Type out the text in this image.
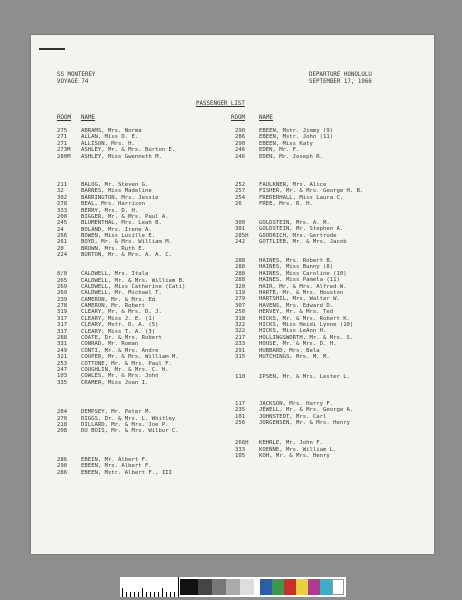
SS MONTEREY
VOYAGE 74
DEPARTURE HONOLULU
SEPTEMBER 17, 1966
PASSENGER LIST
ROOM NAME	ROOM NAME
275 ABRAMS, Mrs. Norma
271 ALLAN, Miss D. E.
271 ALLISON, Mrs. H.
273M ASHLEY, Mr. & Mrs. Burton E.
280M ASHLEY, Miss Gwenneth M.
211 BALOG, Mr. Steven G.
32	BARNES, Miss Madeline
302 BARRINGTON, Mrs. Jessie
278 BEAL, Mrs. Harrison
333 BERRY, Mrs. D. H.
200 BIGGER, Mr. & Mrs. Paul A.
245 BLUMENTHAL, Mrs. Leah B.
24	BOLAND, Mrs. Irene A.
266 BOWEN, Miss Lucille E.
261 BOYD, Mr. & Mrs. William M.
20	BROWN, Mrs. Ruth E.
224 BURTON, Mr. & Mrs. A. A. C.
8/0 CALDWELL, Mrs. Itala
265 CALDWELL, Mr. & Mrs. William B.
269 CALDWELL, Miss Catherine (Cati)
269 CALDWELL, Mr. Michael T.
239 CAMERON, Mr. & Mrs. Ed
278 CAMERON, Mr. Robert
319 CLEARY, Mr. & Mrs. D. J.
317 CLEARY, Miss J. E. (1)
317 CLEARY, Mstr. D. A. (5)
317 CLEARY, Miss T. A. (3)
288 COATE, Dr. & Mrs. Robert
331 CONRAD, Mr. Roman
249 CONTI, Mr. & Mrs. Andre
321 COOPER, Mr. & Mrs. William M.
253 COTTONE, Mr. & Mrs. Paul F.
247 COUGHLIN, Mr. & Mrs. C. H.
103 COWLES, Mr. & Mrs. John
335 CRAMER, Miss Joan I.
284 DEMPSEY, Mr. Peter M.
270 DIGGS, Dr. & Mrs. L. Whitley
218 DILLARD, Mr. & Mrs. Joe P.
208 DU BOIS, Mr. & Mrs. Wilbur C.
286 EBEIN, Mr. Albert F.
290 EBEEN, Mrs. Albert F.
286 EBEEN, Mstr. Albert F., III
290 EBEEN, Mstr. Jimmy (9)
286 EBEEN, Mstr. John (11)
290 EBEEN, Miss Katy
246 EDEN, Mr. F.
246 EDEN, Mr. Joseph R.
252 FAULKNER, Mrs. Alice
257 FISHER, Mr. & Mrs. George H. B.
254 FREDERHALL, Miss Laura C.
26	FREE, Mrs. R. H.
300 GOLDSTEIN, Mrs. A. M.
301 GOLDSTEIN, Mr. Stephen A.
285H GOODRICH, Mrs. Gertrude
242 GOTTLIEB, Mr. & Mrs. Jacob
288 HAINES, Mrs. Robert B.
288 HAINES, Miss Bunny (8)
288 HAINES, Miss Caroline (10)
288 HAINES, Miss Pamela (11)
320 HAIR, Mr. & Mrs. Alfred W.
119 HARTE, Mr. & Mrs. Houston
279 HARTSHIL, Mrs. Walter W.
307 HAVENS, Mrs. Edward D.
250 HERVEY, Mr. & Mrs. Ted
318 HICKS, Mr. & Mrs. Robert K.
322 HICKS, Miss Heidi Lynne (10)
322 HICKS, Miss LeAnn H.
217 HOLLINGSWORTH, Mr. & Mrs. S.
233 HOUSE, Mr. & Mrs. D. H.
291 HUBBARD, Mrs. Bela
315 HUTCHINGS, Mrs. M. M.
110 IPSEN, Mr. & Mrs. Lester L.
117 JACKSON, Mrs. Harry F.
235 JEWELL, Mr. & Mrs. George A.
101 JOHNSTEDT, Mrs. Carl
256 JORGENSEN, Mr. & Mrs. Henry
266H KEHRLE, Mr. John F.
333 KOENNE, Mrs. William L.
105 KOH, Mr. & Mrs. Henry
